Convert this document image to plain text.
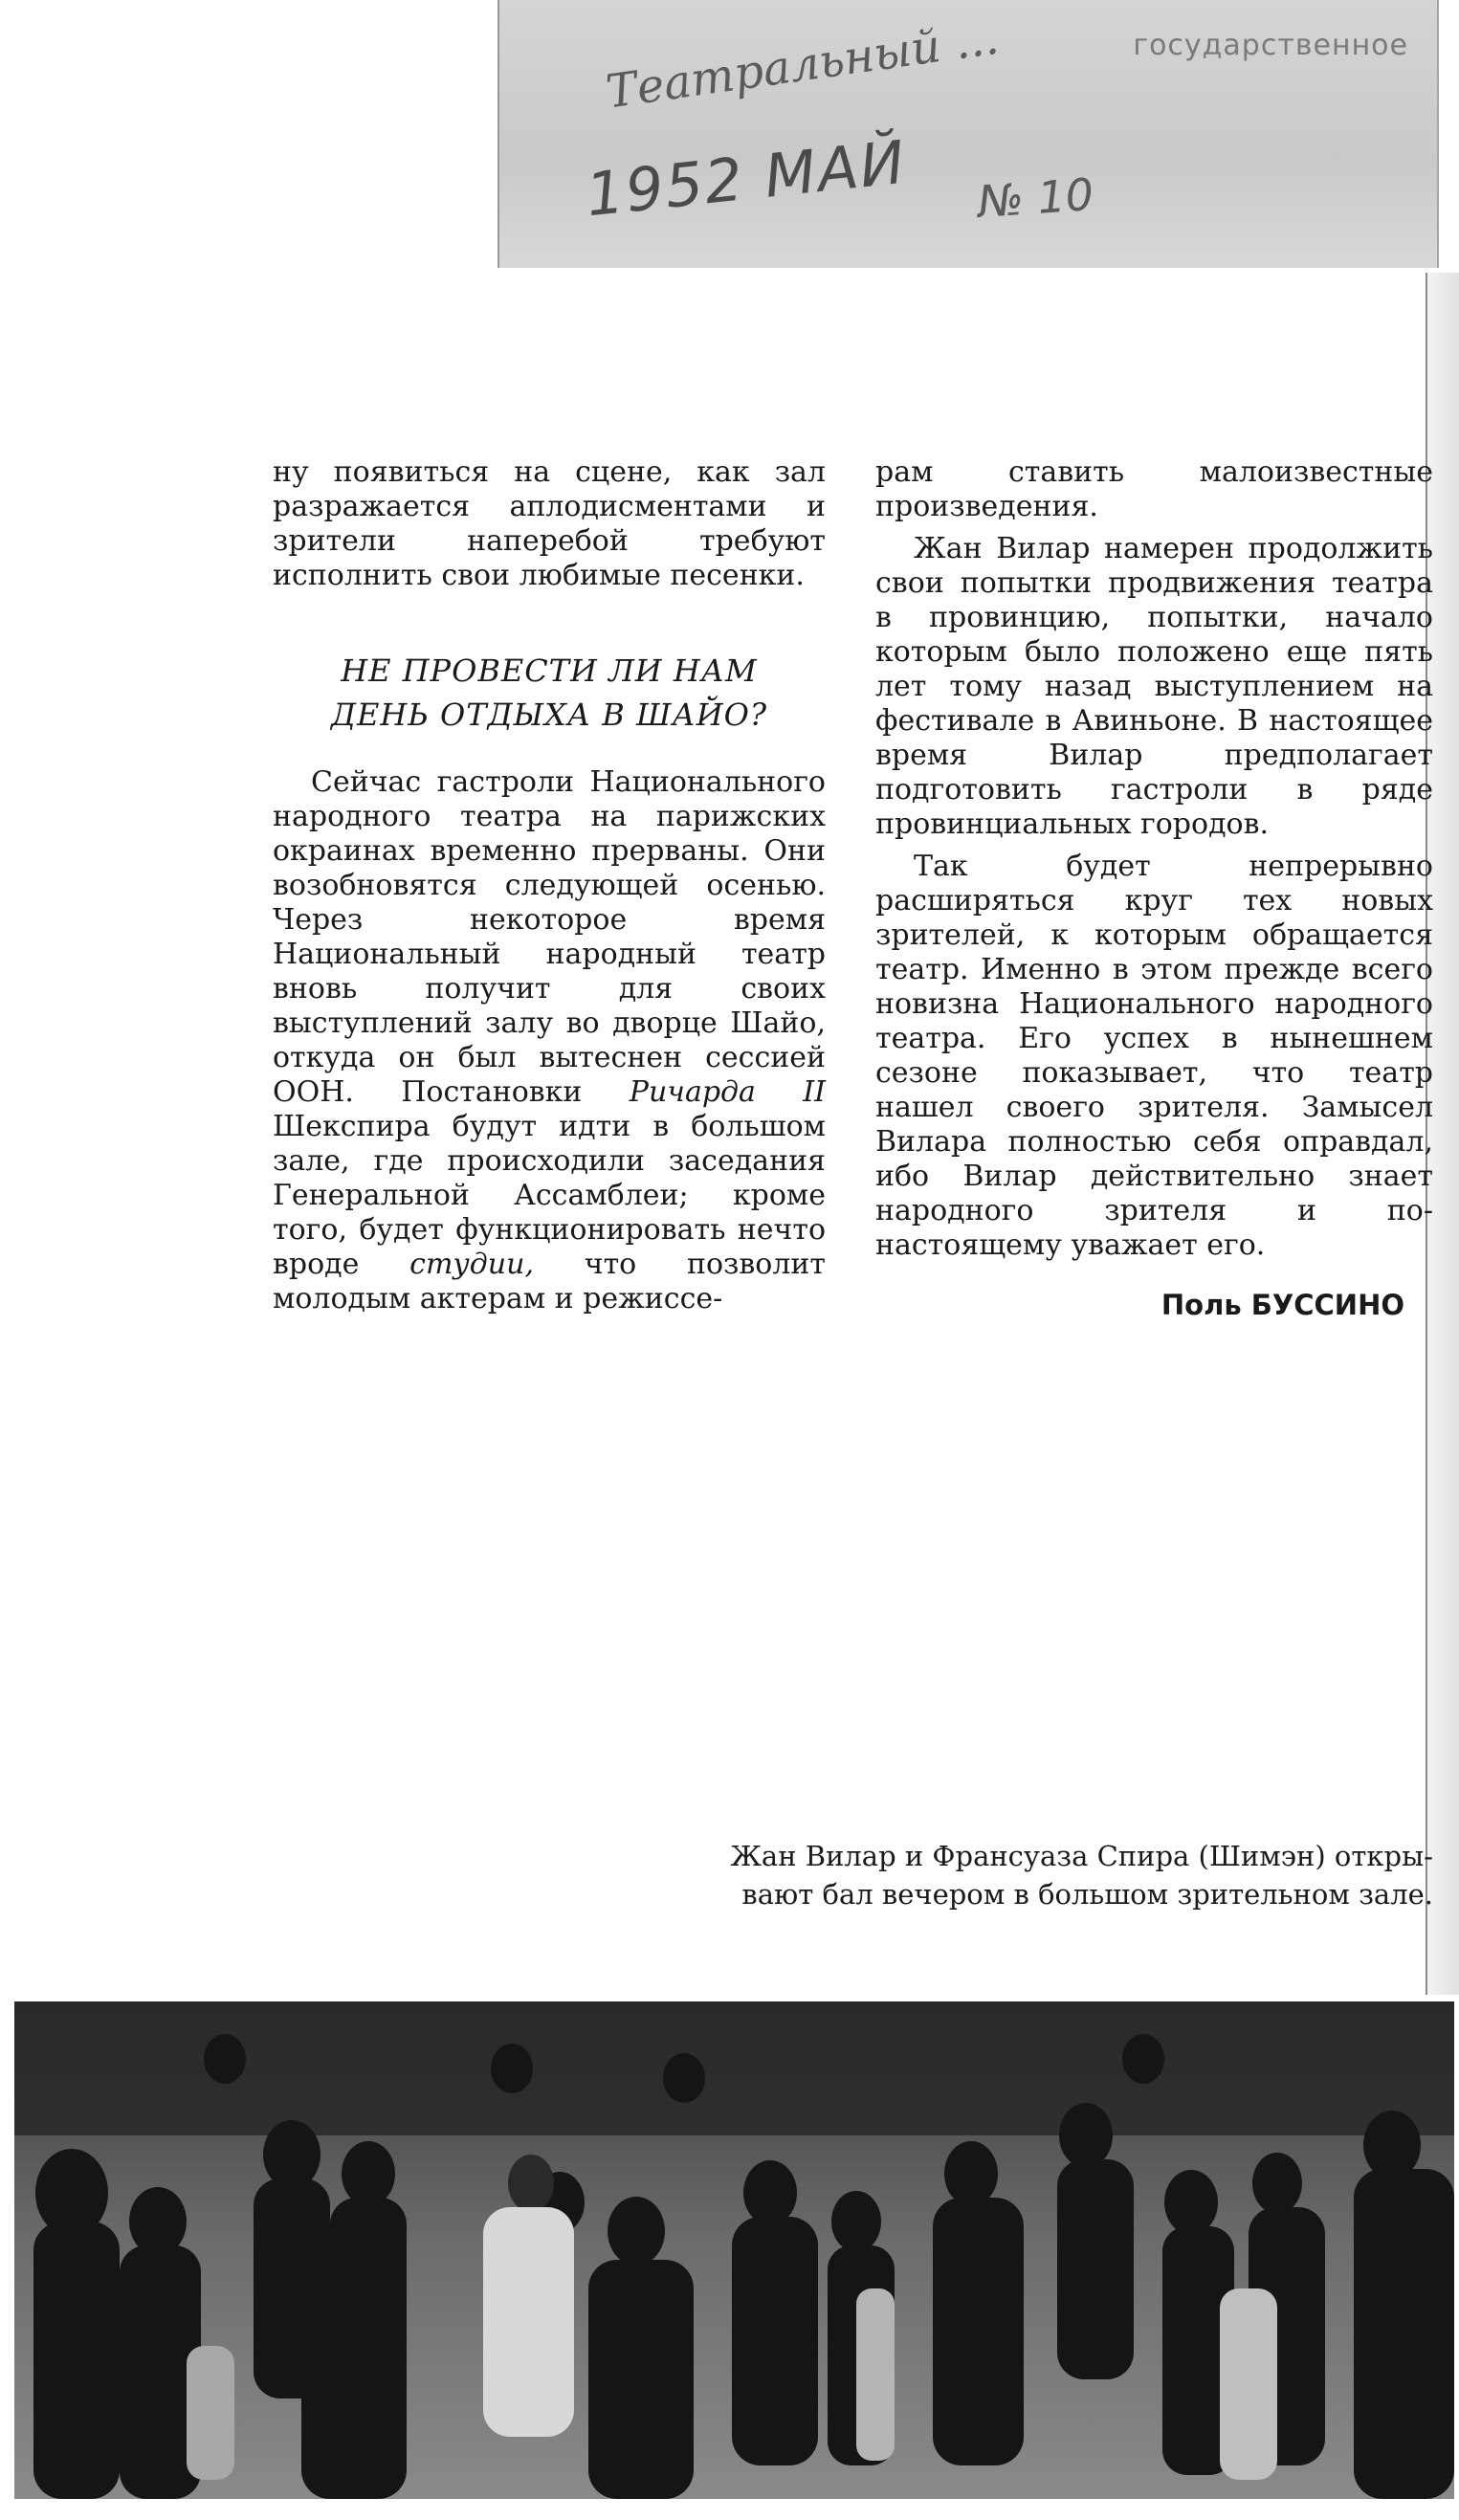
государственное
Театральный ...
1952 МАЙ № 10

ну появиться на сцене, как зал разражается аплодисментами и зрители наперебой требуют исполнить свои любимые песенки.

НЕ ПРОВЕСТИ ЛИ НАМ
ДЕНЬ ОТДЫХА В ШАЙО?

Сейчас гастроли Национального народного театра на парижских окраинах временно прерваны. Они возобновятся следующей осенью. Через некоторое время Национальный народный театр вновь получит для своих выступлений залу во дворце Шайо, откуда он был вытеснен сессией ООН. Постановки Ричарда II Шекспира будут идти в большом зале, где происходили заседания Генеральной Ассамблеи; кроме того, будет функционировать нечто вроде студии, что позволит молодым актерам и режиссе-

рам ставить малоизвестные произведения.

Жан Вилар намерен продолжить свои попытки продвижения театра в провинцию, попытки, начало которым было положено еще пять лет тому назад выступлением на фестивале в Авиньоне. В настоящее время Вилар предполагает подготовить гастроли в ряде провинциальных городов.

Так будет непрерывно расширяться круг тех новых зрителей, к которым обращается театр. Именно в этом прежде всего новизна Национального народного театра. Его успех в нынешнем сезоне показывает, что театр нашел своего зрителя. Замысел Вилара полностью себя оправдал, ибо Вилар действительно знает народного зрителя и по-настоящему уважает его.

Поль БУССИНО
Жан Вилар и Франсуаза Спира (Шимэн) откры-
вают бал вечером в большом зрительном зале.
